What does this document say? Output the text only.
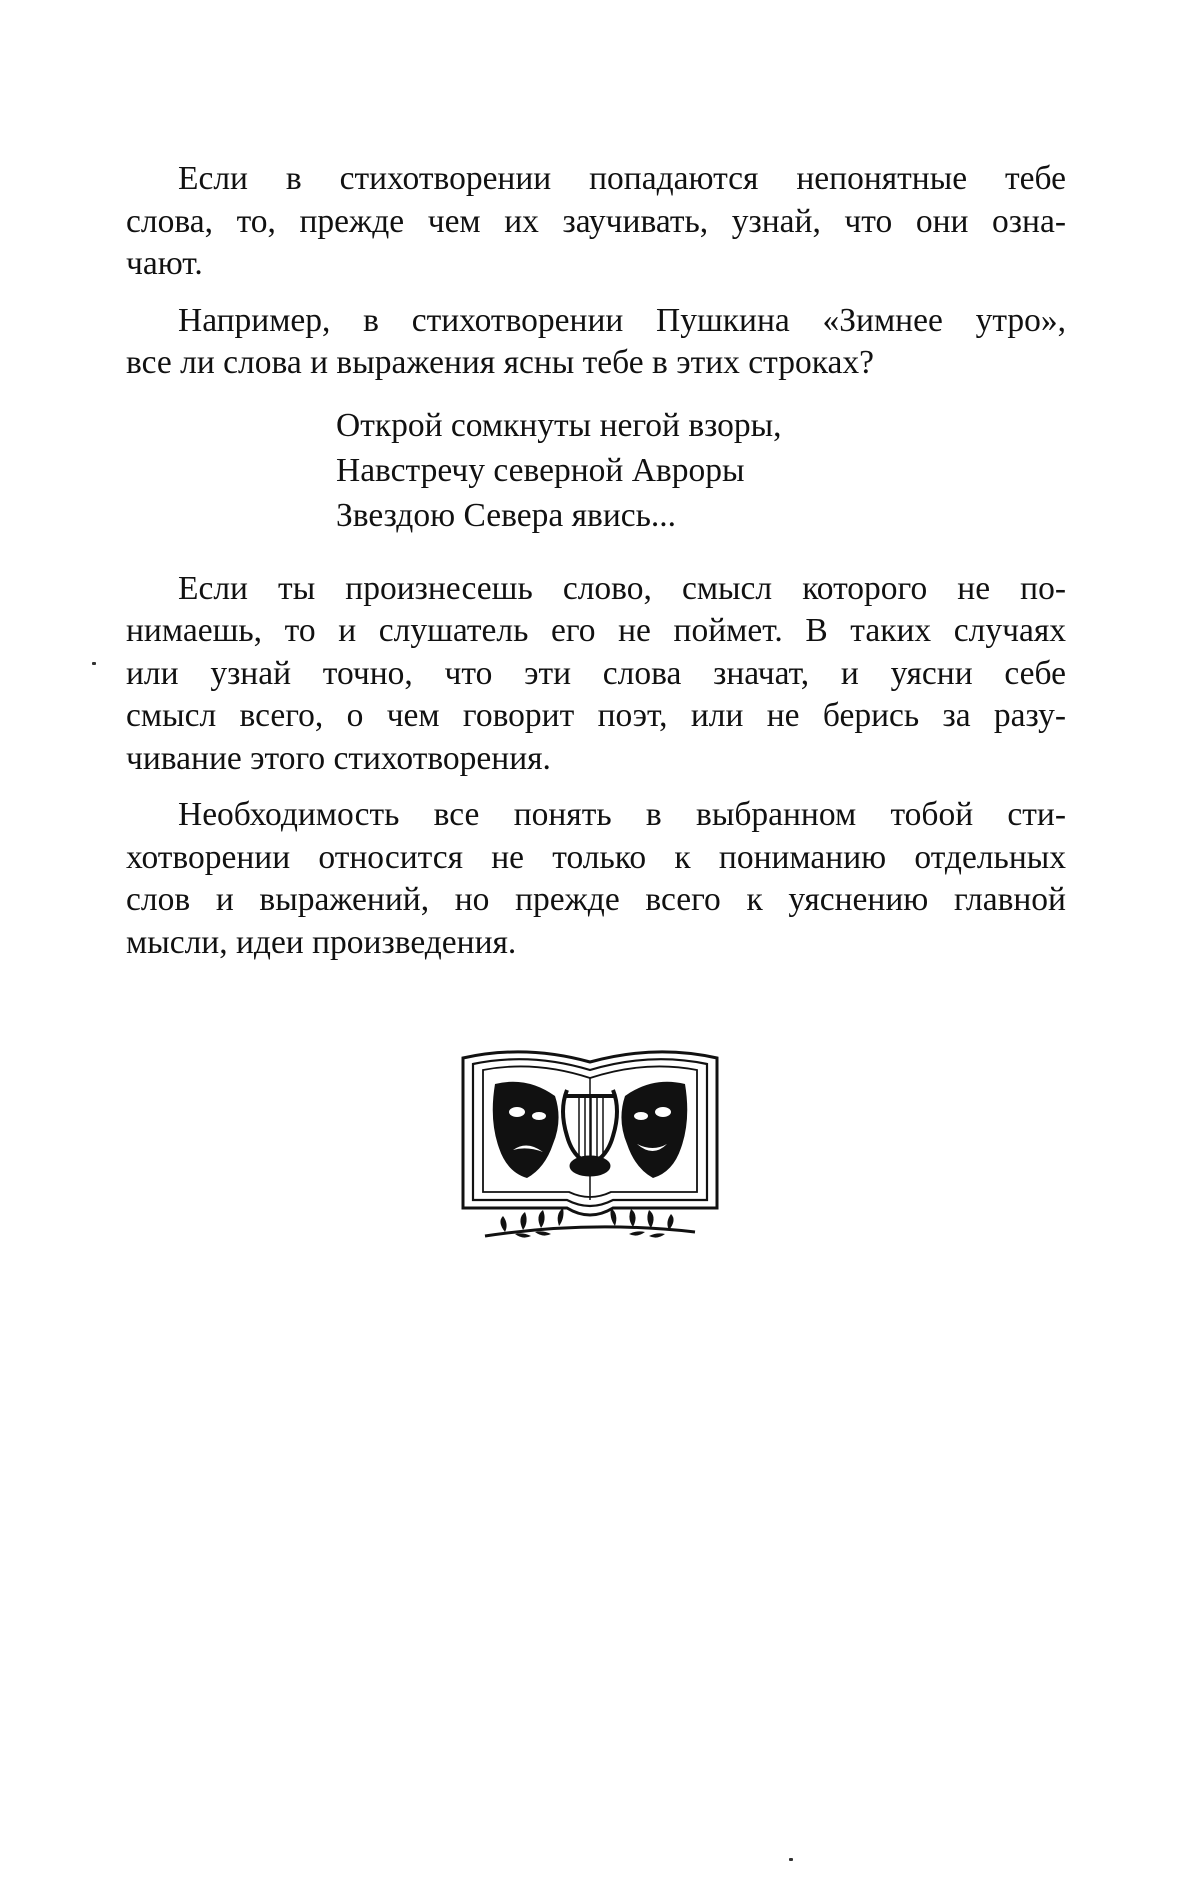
Если в стихотворении попадаются непонятные тебе
слова, то, прежде чем их заучивать, узнай, что они озна-
чают.

Например, в стихотворении Пушкина «Зимнее утро»,
все ли слова и выражения ясны тебе в этих строках?

Открой сомкнуты негой взоры,
Навстречу северной Авроры
Звездою Севера явись...

Если ты произнесешь слово, смысл которого не по-
нимаешь, то и слушатель его не поймет. В таких случаях
или узнай точно, что эти слова значат, и уясни себе
смысл всего, о чем говорит поэт, или не берись за разу-
чивание этого стихотворения.

Необходимость все понять в выбранном тобой сти-
хотворении относится не только к пониманию отдельных
слов и выражений, но прежде всего к уяснению главной
мысли, идеи произведения.
